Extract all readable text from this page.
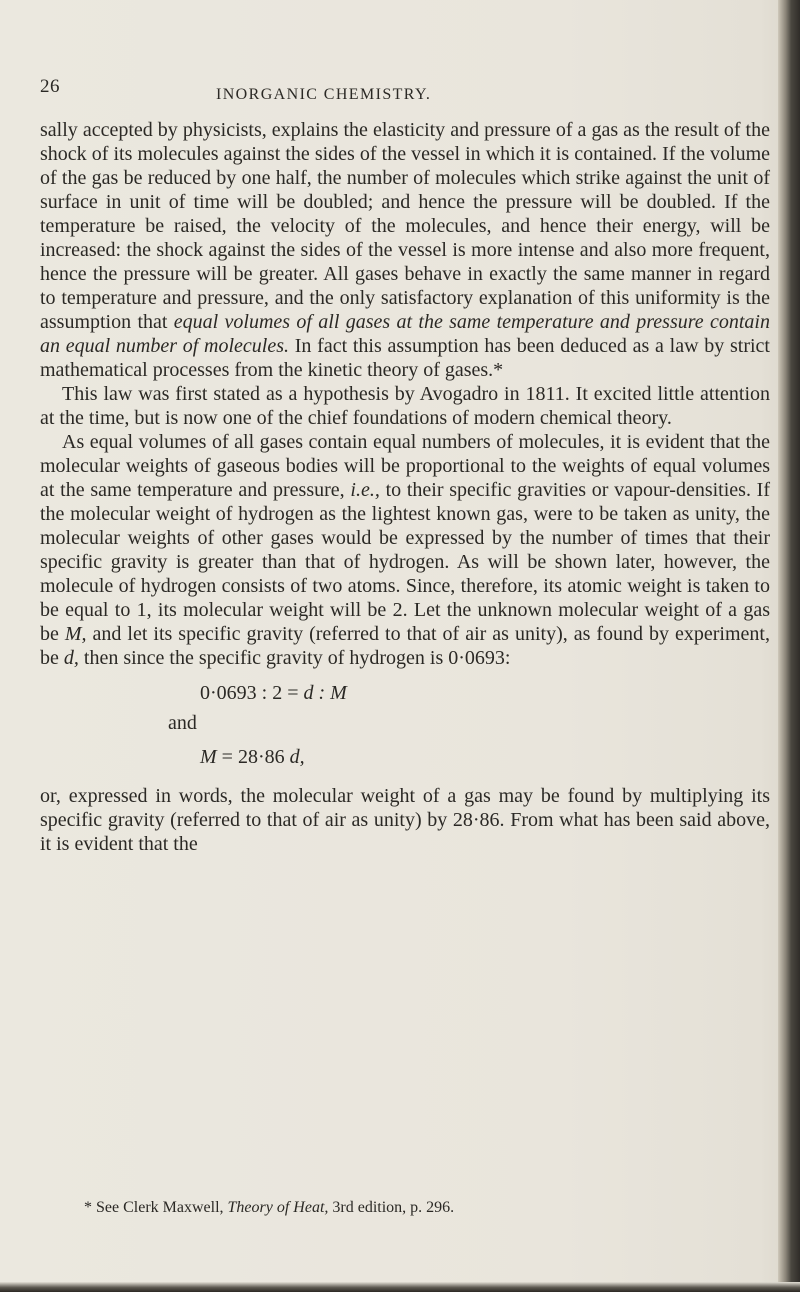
26	INORGANIC CHEMISTRY.

sally accepted by physicists, explains the elasticity and pressure of a gas as the result of the shock of its molecules against the sides of the vessel in which it is contained. If the volume of the gas be reduced by one half, the number of molecules which strike against the unit of surface in unit of time will be doubled; and hence the pressure will be doubled. If the temperature be raised, the velocity of the molecules, and hence their energy, will be increased: the shock against the sides of the vessel is more intense and also more frequent, hence the pressure will be greater. All gases behave in exactly the same manner in regard to temperature and pressure, and the only satisfactory explanation of this uniformity is the assumption that equal volumes of all gases at the same temperature and pressure contain an equal number of molecules. In fact this assumption has been deduced as a law by strict mathematical processes from the kinetic theory of gases.*

This law was first stated as a hypothesis by Avogadro in 1811. It excited little attention at the time, but is now one of the chief foundations of modern chemical theory.

As equal volumes of all gases contain equal numbers of molecules, it is evident that the molecular weights of gaseous bodies will be proportional to the weights of equal volumes at the same temperature and pressure, i.e., to their specific gravities or vapour-densities. If the molecular weight of hydrogen as the lightest known gas, were to be taken as unity, the molecular weights of other gases would be expressed by the number of times that their specific gravity is greater than that of hydrogen. As will be shown later, however, the molecule of hydrogen consists of two atoms. Since, therefore, its atomic weight is taken to be equal to 1, its molecular weight will be 2. Let the unknown molecular weight of a gas be M, and let its specific gravity (referred to that of air as unity), as found by experiment, be d, then since the specific gravity of hydrogen is 0·0693:

0·0693 : 2 = d : M
and
M = 28·86 d,

or, expressed in words, the molecular weight of a gas may be found by multiplying its specific gravity (referred to that of air as unity) by 28·86. From what has been said above, it is evident that the

* See Clerk Maxwell, Theory of Heat, 3rd edition, p. 296.
